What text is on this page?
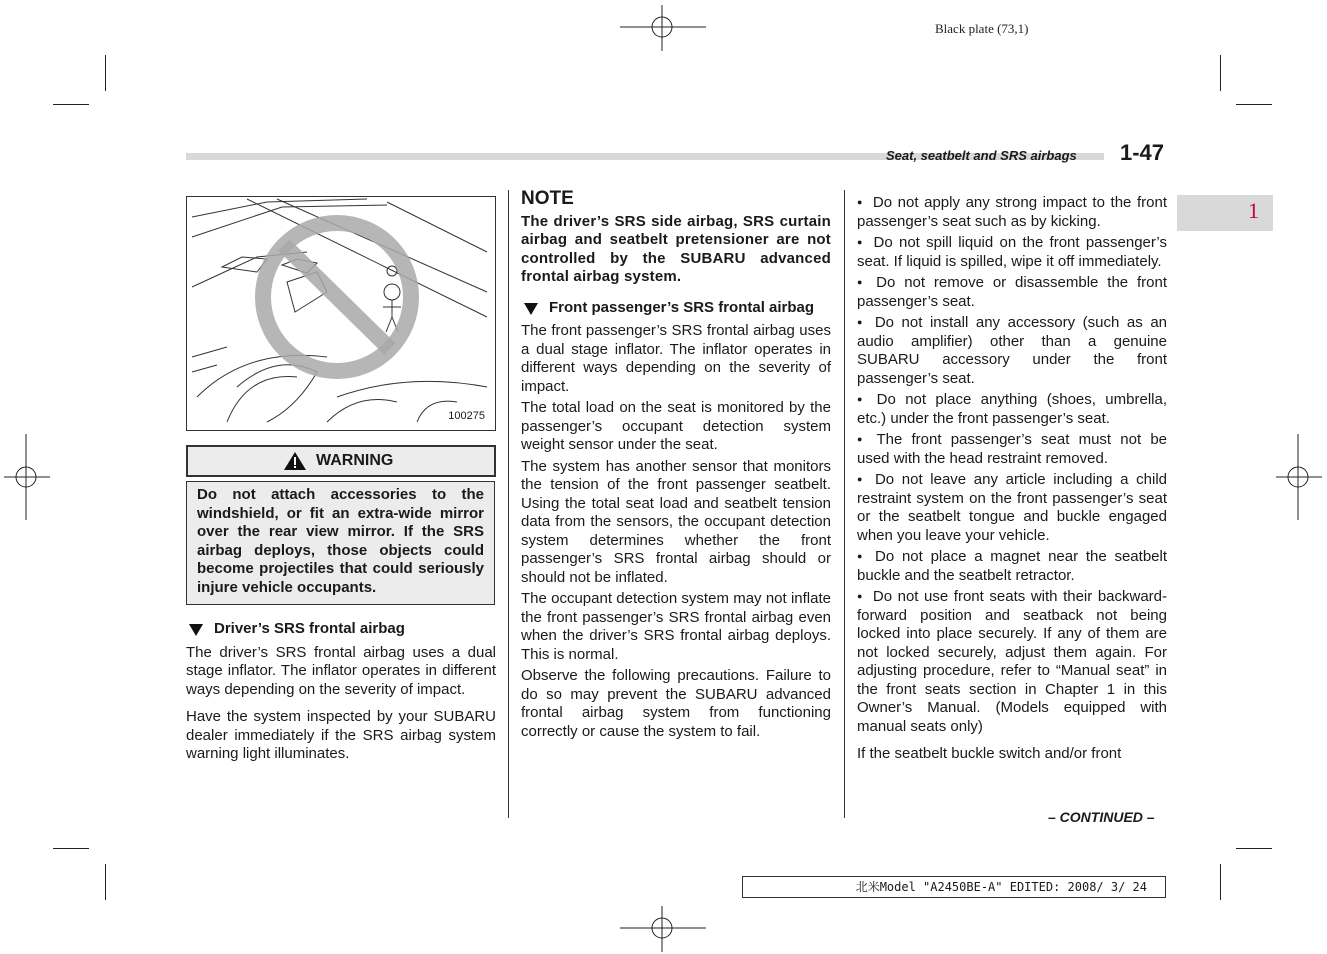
Black plate (73,1)
Seat, seatbelt and SRS airbags 1-47
1
100275
WARNING
Do not attach accessories to the windshield, or fit an extra-wide mirror over the rear view mirror. If the SRS airbag deploys, those objects could become projectiles that could seriously injure vehicle occupants.
Driver’s SRS frontal airbag

The driver’s SRS frontal airbag uses a dual stage inflator. The inflator operates in different ways depending on the severity of impact.

Have the system inspected by your SUBARU dealer immediately if the SRS airbag system warning light illuminates.

NOTE
The driver’s SRS side airbag, SRS curtain airbag and seatbelt pretensioner are not controlled by the SUBARU advanced frontal airbag system.
Front passenger’s SRS frontal airbag

The front passenger’s SRS frontal airbag uses a dual stage inflator. The inflator operates in different ways depending on the severity of impact.

The total load on the seat is monitored by the passenger’s occupant detection system weight sensor under the seat.

The system has another sensor that monitors the tension of the front passenger seatbelt. Using the total seat load and seatbelt tension data from the sensors, the occupant detection system determines whether the front passenger’s SRS frontal airbag should or should not be inflated.

The occupant detection system may not inflate the front passenger’s SRS frontal airbag even when the driver’s SRS frontal airbag deploys. This is normal.

Observe the following precautions. Failure to do so may prevent the SUBARU advanced frontal airbag system from functioning correctly or cause the system to fail.

● Do not apply any strong impact to the front passenger’s seat such as by kicking.

● Do not spill liquid on the front passenger’s seat. If liquid is spilled, wipe it off immediately.

● Do not remove or disassemble the front passenger’s seat.

● Do not install any accessory (such as an audio amplifier) other than a genuine SUBARU accessory under the front passenger’s seat.

● Do not place anything (shoes, umbrella, etc.) under the front passenger’s seat.

● The front passenger’s seat must not be used with the head restraint removed.

● Do not leave any article including a child restraint system on the front passenger’s seat or the seatbelt tongue and buckle engaged when you leave your vehicle.

● Do not place a magnet near the seatbelt buckle and the seatbelt retractor.

● Do not use front seats with their backward-forward position and seatback not being locked into place securely. If any of them are not locked securely, adjust them again. For adjusting procedure, refer to “Manual seat” in the front seats section in Chapter 1 in this Owner’s Manual. (Models equipped with manual seats only)

If the seatbelt buckle switch and/or front

– CONTINUED –
北米Model "A2450BE-A" EDITED: 2008/ 3/ 24
